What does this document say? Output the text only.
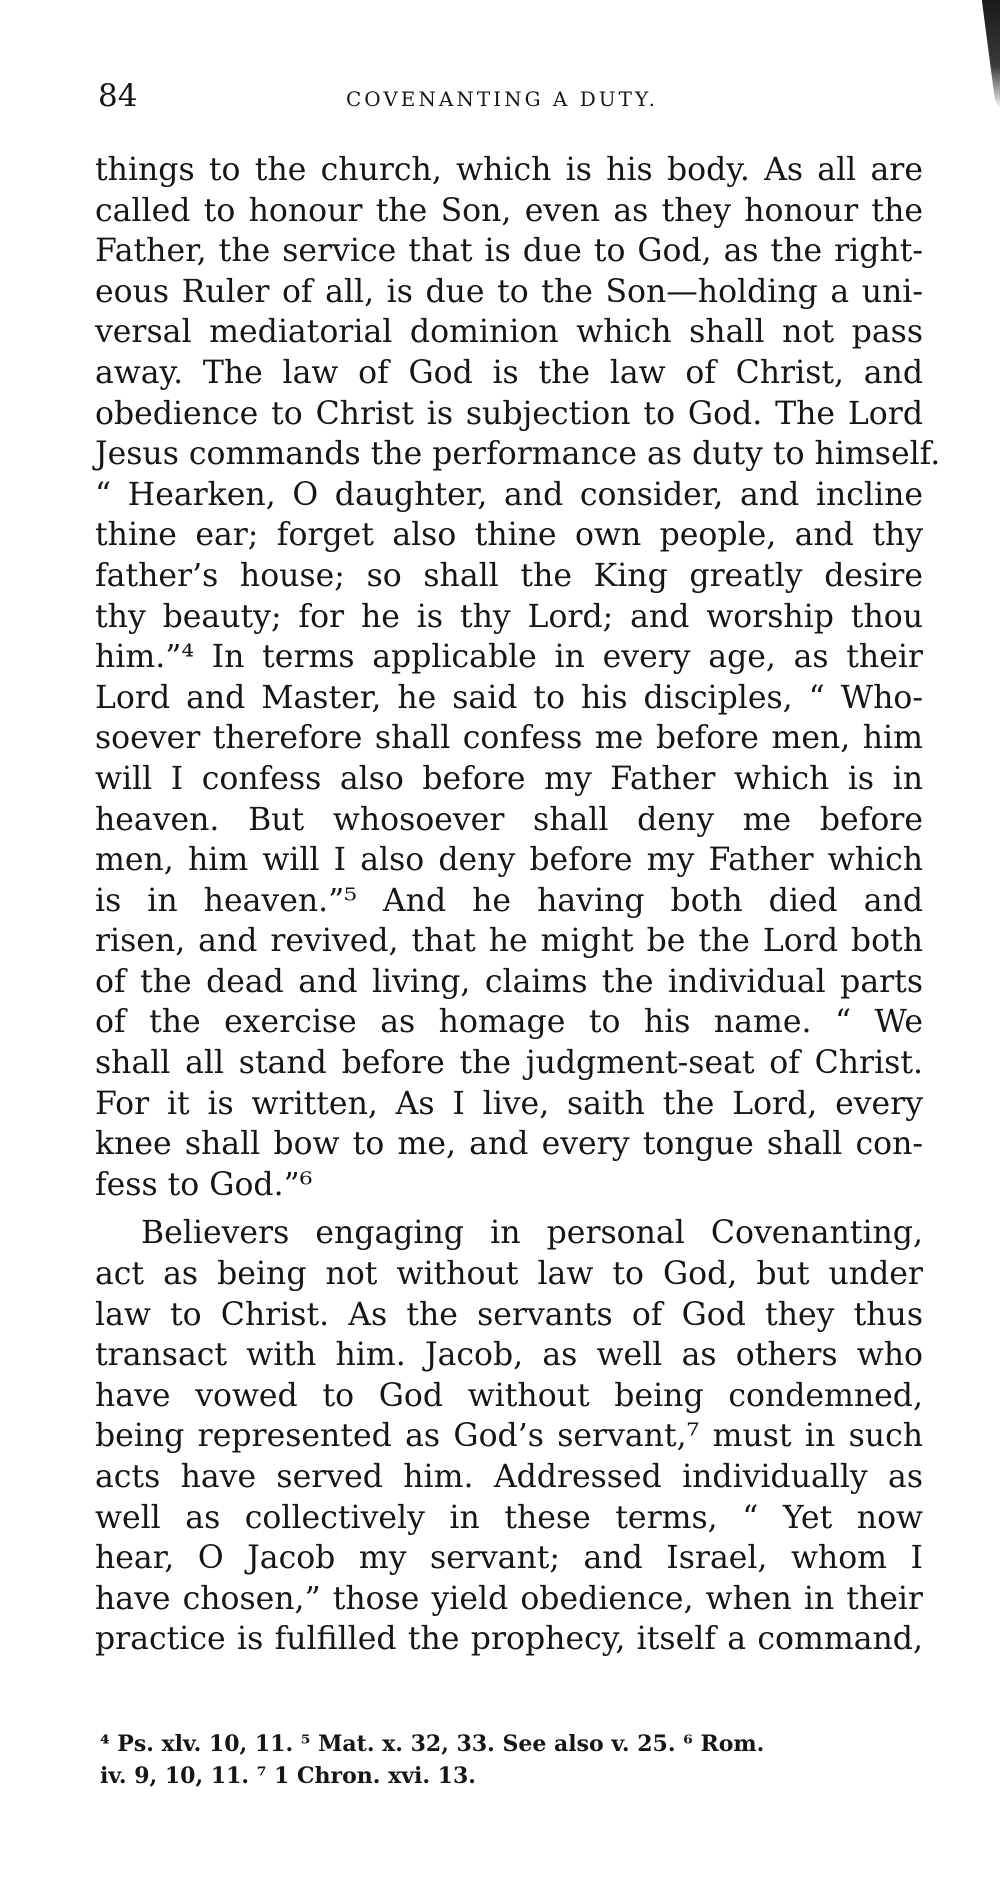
84	COVENANTING A DUTY.
things to the church, which is his body. As all are
called to honour the Son, even as they honour the
Father, the service that is due to God, as the right-
eous Ruler of all, is due to the Son—holding a uni-
versal mediatorial dominion which shall not pass
away. The law of God is the law of Christ, and
obedience to Christ is subjection to God. The Lord
Jesus commands the performance as duty to himself.
“ Hearken, O daughter, and consider, and incline
thine ear; forget also thine own people, and thy
father’s house; so shall the King greatly desire
thy beauty; for he is thy Lord; and worship thou
him.”⁴ In terms applicable in every age, as their
Lord and Master, he said to his disciples, “ Who-
soever therefore shall confess me before men, him
will I confess also before my Father which is in
heaven. But whosoever shall deny me before
men, him will I also deny before my Father which
is in heaven.”⁵ And he having both died and
risen, and revived, that he might be the Lord both
of the dead and living, claims the individual parts
of the exercise as homage to his name. “ We
shall all stand before the judgment-seat of Christ.
For it is written, As I live, saith the Lord, every
knee shall bow to me, and every tongue shall con-
fess to God.”⁶
Believers engaging in personal Covenanting,
act as being not without law to God, but under
law to Christ. As the servants of God they thus
transact with him. Jacob, as well as others who
have vowed to God without being condemned,
being represented as God’s servant,⁷ must in such
acts have served him. Addressed individually as
well as collectively in these terms, “ Yet now
hear, O Jacob my servant; and Israel, whom I
have chosen,” those yield obedience, when in their
practice is fulfilled the prophecy, itself a command,
⁴ Ps. xlv. 10, 11. ⁵ Mat. x. 32, 33. See also v. 25. ⁶ Rom.
iv. 9, 10, 11. ⁷ 1 Chron. xvi. 13.
